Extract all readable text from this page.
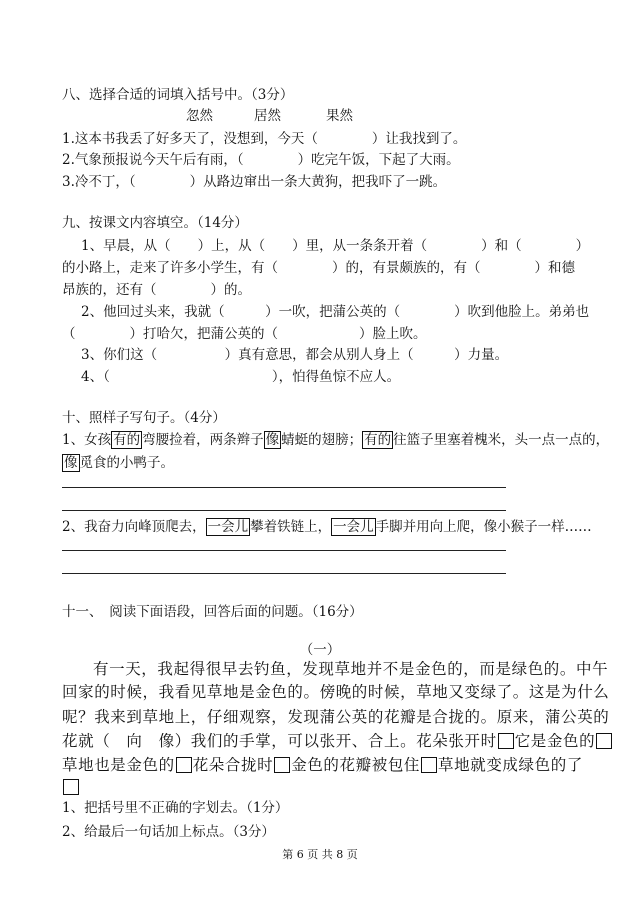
八、选择合适的词填入括号中。（3分）
忽然	居然	果然
1.这本书我丢了好多天了，没想到，今天（　　　　）让我找到了。
2.气象预报说今天午后有雨，（　　　　）吃完午饭，下起了大雨。
3.冷不丁，（　　　　）从路边窜出一条大黄狗，把我吓了一跳。
九、按课文内容填空。（14分）
1、早晨，从（　　）上，从（　　）里，从一条条开着（　　　　）和（　　　　）
的小路上，走来了许多小学生，有（　　　　）的，有景颇族的，有（　　　　）和德
昂族的，还有（　　　　）的。
2、他回过头来，我就（　　　）一吹，把蒲公英的（　　　　）吹到他脸上。弟弟也
（　　　　）打哈欠，把蒲公英的（　　　　　　）脸上吹。
3、你们这（　　　　　）真有意思，都会从别人身上（　　　）力量。
4、（　　　　　　　　　　　　），怕得鱼惊不应人。
十、照样子写句子。（4分）
1、女孩 有的 弯腰捡着，两条辫子 像 蜻蜓的翅膀； 有的 往篮子里塞着槐米，头一点一点的，
像 觅食的小鸭子。
2、我奋力向峰顶爬去， 一会儿 攀着铁链上， 一会儿 手脚并用向上爬，像小猴子一样……
十一、　阅读下面语段，回答后面的问题。（16分）
（一）
有一天，我起得很早去钓鱼，发现草地并不是金色的，而是绿色的。中午
回家的时候，我看见草地是金色的。傍晚的时候，草地又变绿了。这是为什么
呢？我来到草地上，仔细观察，发现蒲公英的花瓣是合拢的。原来，蒲公英的
花就（　向　像）我们的手掌，可以张开、合上。花朵张开时 它是金色的
草地也是金色的 花朵合拢时 金色的花瓣被包住 草地就变成绿色的了
1、把括号里不正确的字划去。（1分）
2、给最后一句话加上标点。（3分）
第 6 页 共 8 页
